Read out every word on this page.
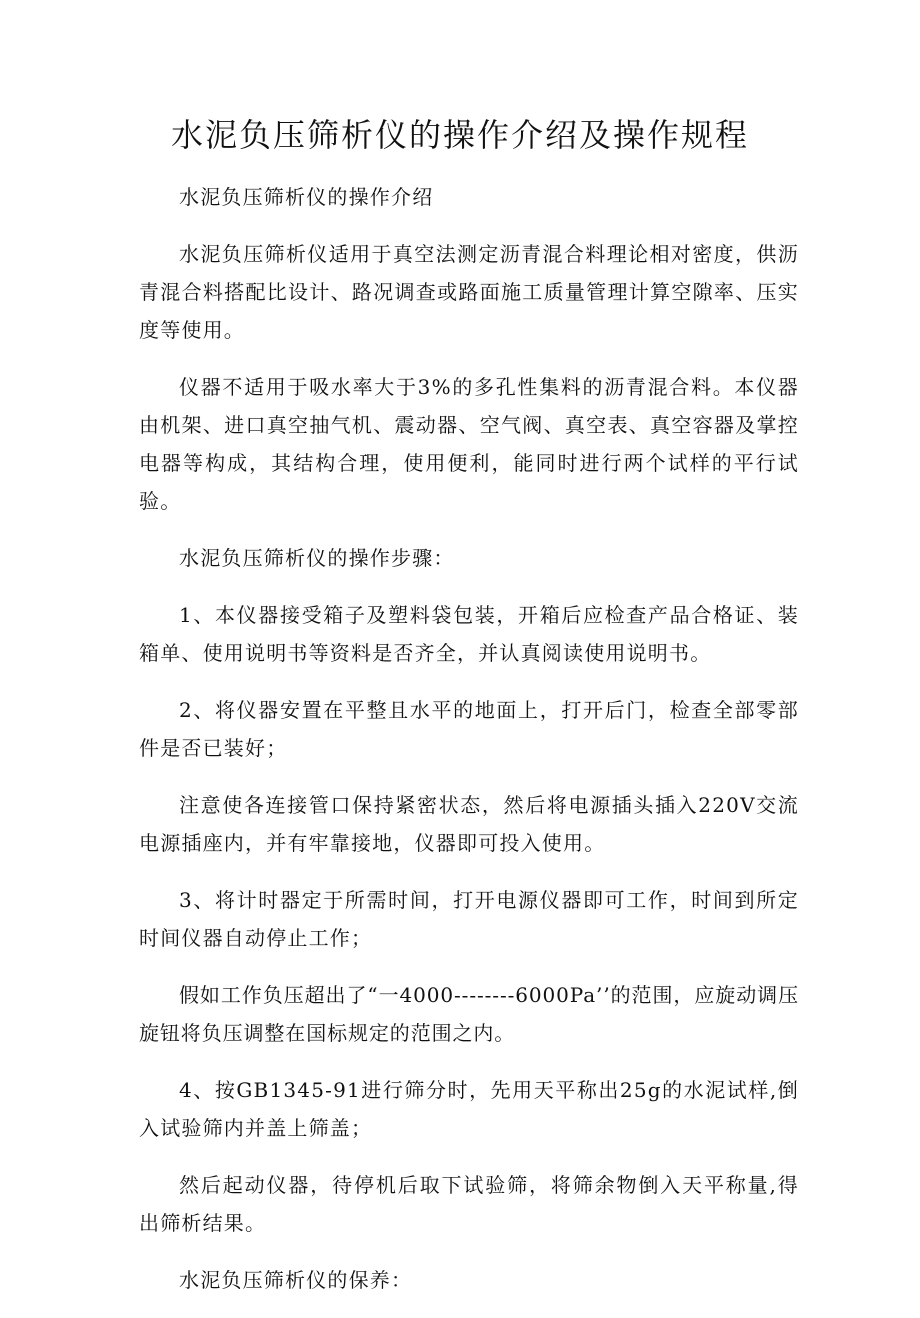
水泥负压筛析仪的操作介绍及操作规程

水泥负压筛析仪的操作介绍

水泥负压筛析仪适用于真空法测定沥青混合料理论相对密度，供沥青混合料搭配比设计、路况调查或路面施工质量管理计算空隙率、压实度等使用。

仪器不适用于吸水率大于3%的多孔性集料的沥青混合料。本仪器由机架、进口真空抽气机、震动器、空气阀、真空表、真空容器及掌控电器等构成，其结构合理，使用便利，能同时进行两个试样的平行试验。

水泥负压筛析仪的操作步骤：

1、本仪器接受箱子及塑料袋包装，开箱后应检查产品合格证、装箱单、使用说明书等资料是否齐全，并认真阅读使用说明书。

2、将仪器安置在平整且水平的地面上，打开后门，检查全部零部件是否已装好；

注意使各连接管口保持紧密状态，然后将电源插头插入220V交流电源插座内，并有牢靠接地，仪器即可投入使用。

3、将计时器定于所需时间，打开电源仪器即可工作，时间到所定时间仪器自动停止工作；

假如工作负压超出了“一4000--------6000Pa’’的范围，应旋动调压旋钮将负压调整在国标规定的范围之内。

4、按GB1345-91进行筛分时，先用天平称出25g的水泥试样,倒入试验筛内并盖上筛盖；

然后起动仪器，待停机后取下试验筛，将筛余物倒入天平称量,得出筛析结果。

水泥负压筛析仪的保养：
